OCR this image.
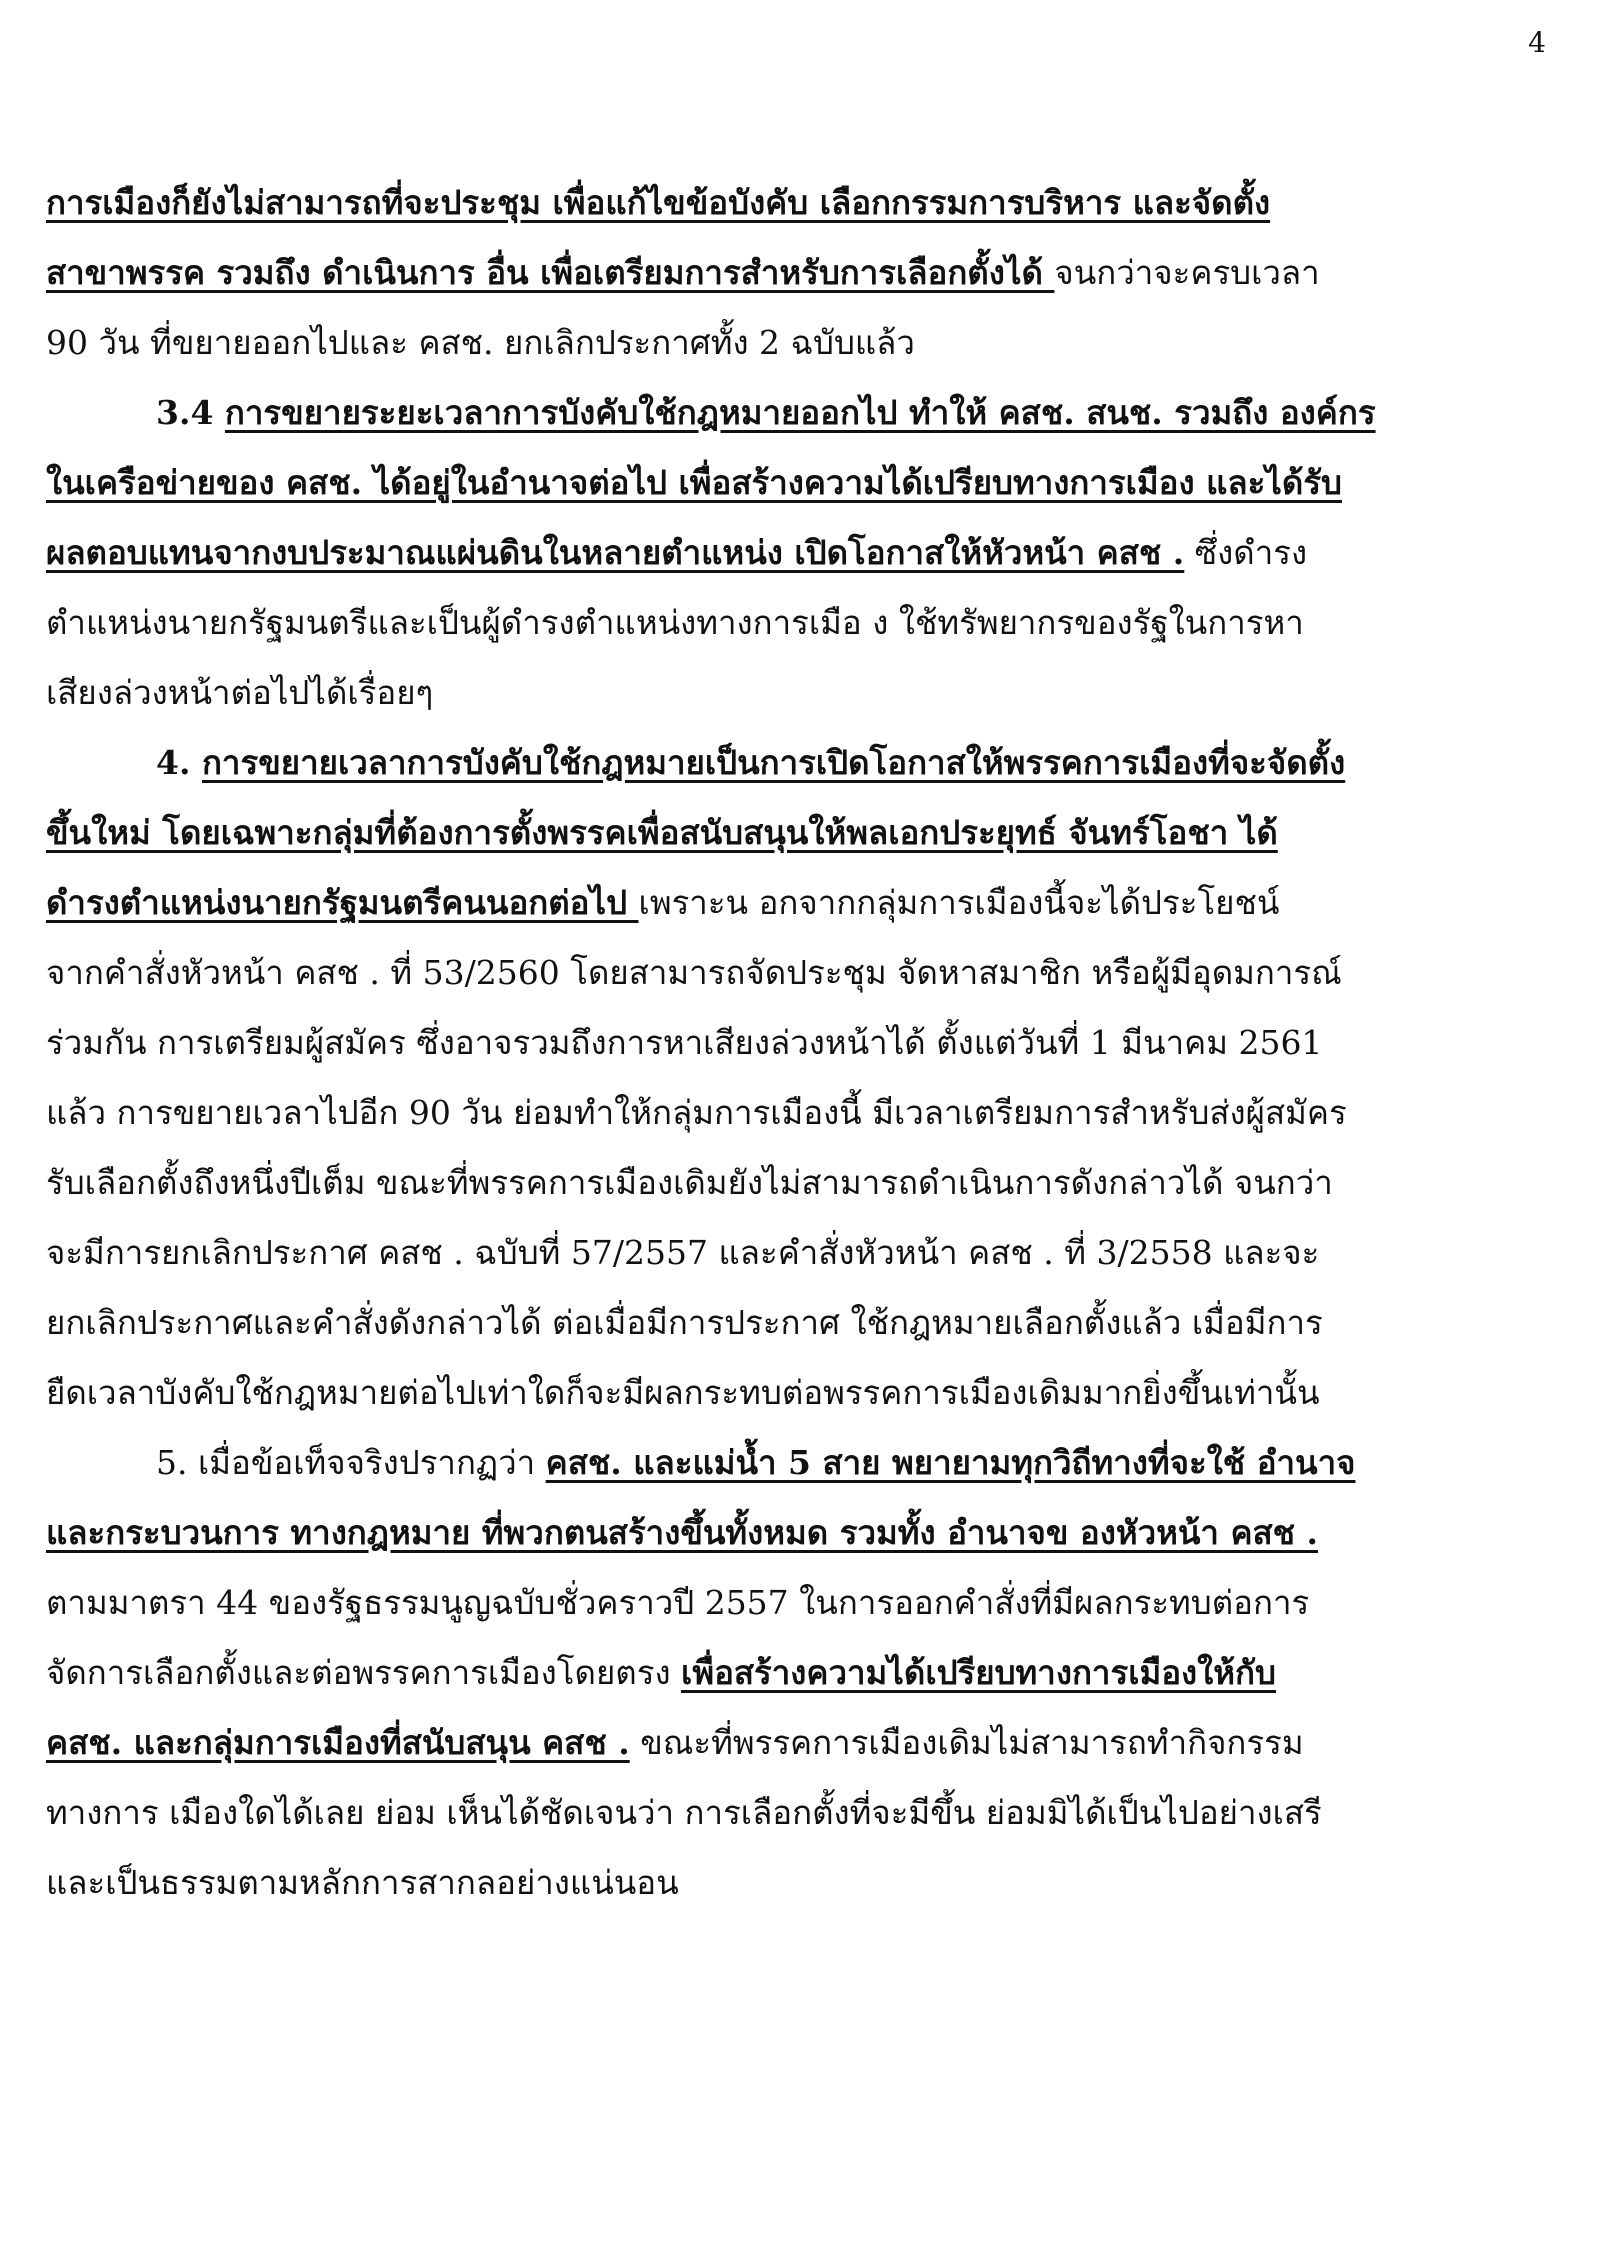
4
การเมืองก็ยังไม่สามารถที่จะประชุม เพื่อแก้ไขข้อบังคับ เลือกกรรมการบริหาร และจัดตั้ง
สาขาพรรค รวมถึง ดำเนินการ อื่น เพื่อเตรียมการสำหรับการเลือกตั้งได้ จนกว่าจะครบเวลา
90 วัน ที่ขยายออกไปและ คสช. ยกเลิกประกาศทั้ง 2 ฉบับแล้ว
3.4 การขยายระยะเวลาการบังคับใช้กฎหมายออกไป ทำให้ คสช. สนช. รวมถึง องค์กร
ในเครือข่ายของ คสช. ได้อยู่ในอำนาจต่อไป เพื่อสร้างความได้เปรียบทางการเมือง และได้รับ
ผลตอบแทนจากงบประมาณแผ่นดินในหลายตำแหน่ง เปิดโอกาสให้หัวหน้า คสช . ซึ่งดำรง
ตำแหน่งนายกรัฐมนตรีและเป็นผู้ดำรงตำแหน่งทางการเมือ ง ใช้ทรัพยากรของรัฐในการหา
เสียงล่วงหน้าต่อไปได้เรื่อยๆ
4. การขยายเวลาการบังคับใช้กฎหมายเป็นการเปิดโอกาสให้พรรคการเมืองที่จะจัดตั้ง
ขึ้นใหม่ โดยเฉพาะกลุ่มที่ต้องการตั้งพรรคเพื่อสนับสนุนให้พลเอกประยุทธ์ จันทร์โอชา ได้
ดำรงตำแหน่งนายกรัฐมนตรีคนนอกต่อไป เพราะน อกจากกลุ่มการเมืองนี้จะได้ประโยชน์
จากคำสั่งหัวหน้า คสช . ที่ 53/2560 โดยสามารถจัดประชุม จัดหาสมาชิก หรือผู้มีอุดมการณ์
ร่วมกัน การเตรียมผู้สมัคร ซึ่งอาจรวมถึงการหาเสียงล่วงหน้าได้ ตั้งแต่วันที่ 1 มีนาคม 2561
แล้ว การขยายเวลาไปอีก 90 วัน ย่อมทำให้กลุ่มการเมืองนี้ มีเวลาเตรียมการสำหรับส่งผู้สมัคร
รับเลือกตั้งถึงหนึ่งปีเต็ม ขณะที่พรรคการเมืองเดิมยังไม่สามารถดำเนินการดังกล่าวได้ จนกว่า
จะมีการยกเลิกประกาศ คสช . ฉบับที่ 57/2557 และคำสั่งหัวหน้า คสช . ที่ 3/2558 และจะ
ยกเลิกประกาศและคำสั่งดังกล่าวได้ ต่อเมื่อมีการประกาศ ใช้กฎหมายเลือกตั้งแล้ว เมื่อมีการ
ยืดเวลาบังคับใช้กฎหมายต่อไปเท่าใดก็จะมีผลกระทบต่อพรรคการเมืองเดิมมากยิ่งขึ้นเท่านั้น
5. เมื่อข้อเท็จจริงปรากฏว่า คสช. และแม่น้ำ 5 สาย พยายามทุกวิถีทางที่จะใช้ อำนาจ
และกระบวนการ ทางกฎหมาย ที่พวกตนสร้างขึ้นทั้งหมด รวมทั้ง อำนาจข องหัวหน้า คสช .
ตามมาตรา 44 ของรัฐธรรมนูญฉบับชั่วคราวปี 2557 ในการออกคำสั่งที่มีผลกระทบต่อการ
จัดการเลือกตั้งและต่อพรรคการเมืองโดยตรง เพื่อสร้างความได้เปรียบทางการเมืองให้กับ
คสช. และกลุ่มการเมืองที่สนับสนุน คสช . ขณะที่พรรคการเมืองเดิมไม่สามารถทำกิจกรรม
ทางการ เมืองใดได้เลย ย่อม เห็นได้ชัดเจนว่า การเลือกตั้งที่จะมีขึ้น ย่อมมิได้เป็นไปอย่างเสรี
และเป็นธรรมตามหลักการสากลอย่างแน่นอน
